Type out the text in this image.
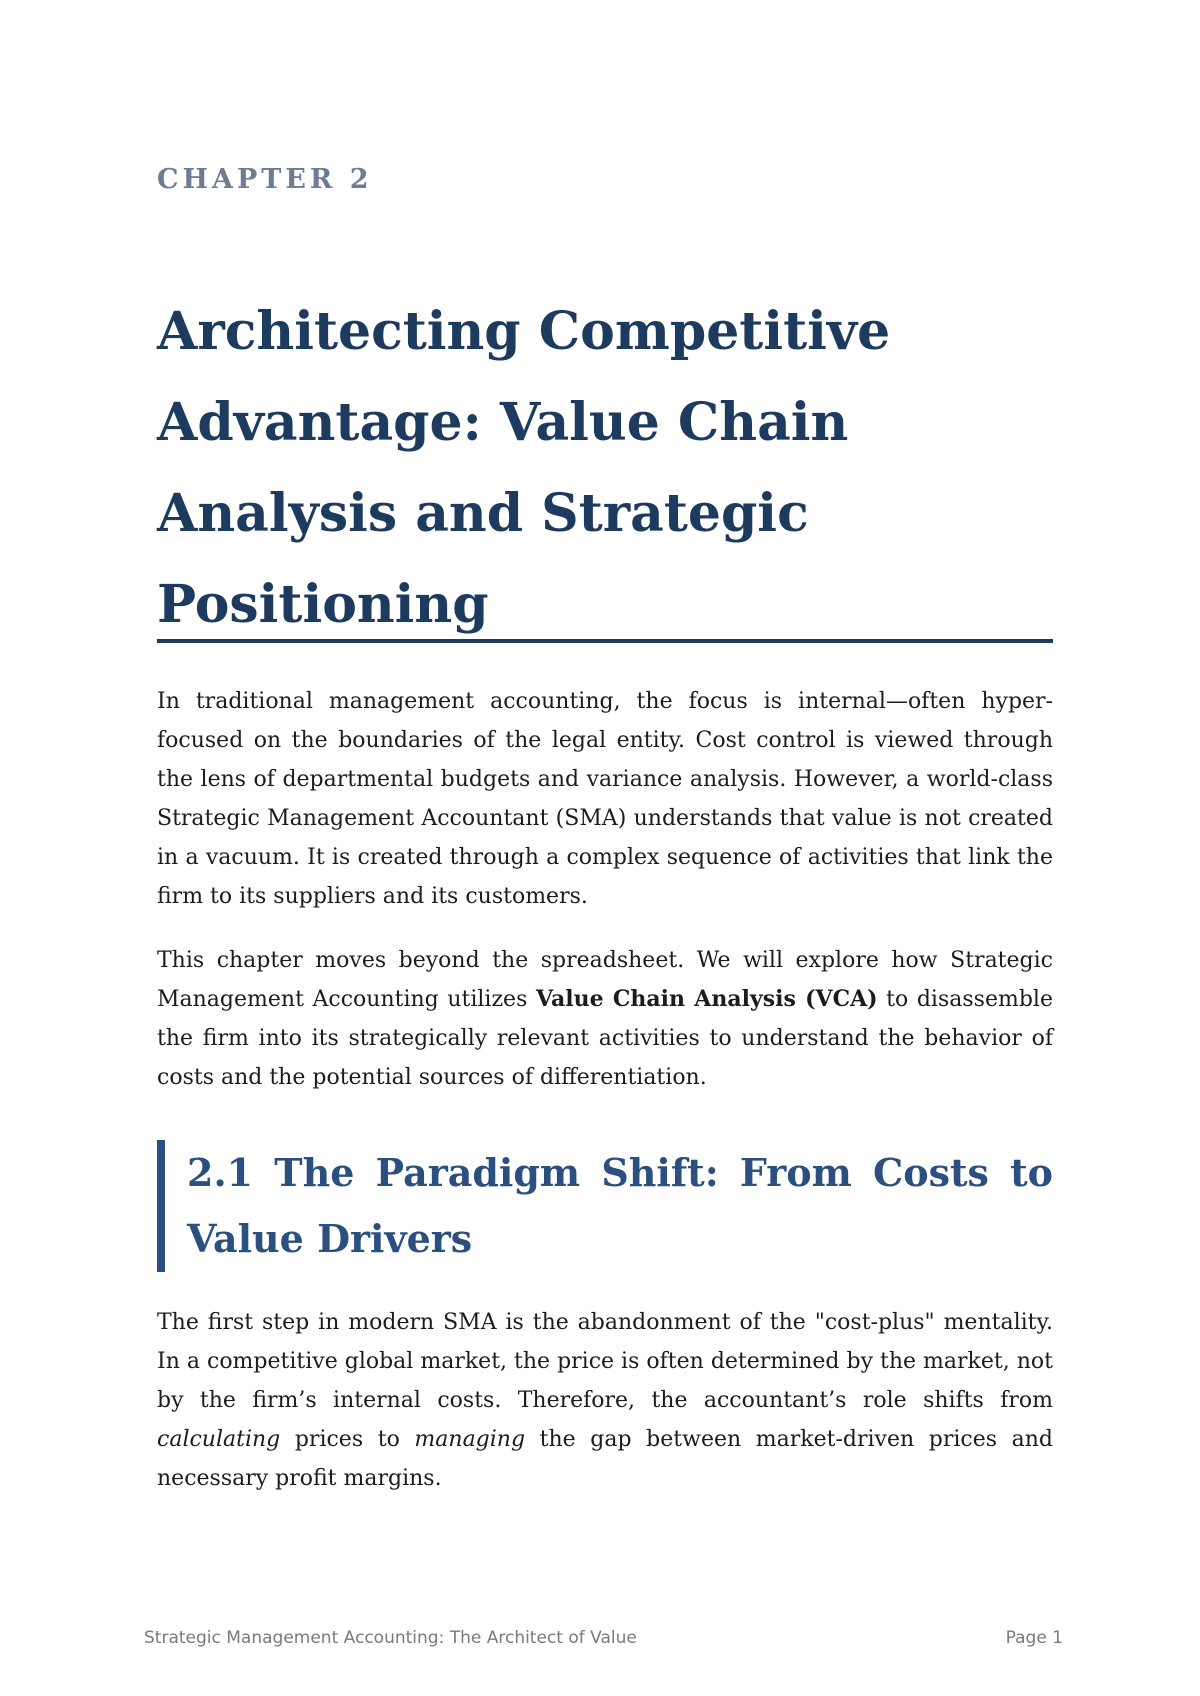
CHAPTER 2
Architecting Competitive Advantage: Value Chain Analysis and Strategic Positioning

In traditional management accounting, the focus is internal—often hyper-focused on the boundaries of the legal entity. Cost control is viewed through the lens of departmental budgets and variance analysis. However, a world-class Strategic Management Accountant (SMA) understands that value is not created in a vacuum. It is created through a complex sequence of activities that link the firm to its suppliers and its customers.

This chapter moves beyond the spreadsheet. We will explore how Strategic Management Accounting utilizes Value Chain Analysis (VCA) to disassemble the firm into its strategically relevant activities to understand the behavior of costs and the potential sources of differentiation.

2.1 The Paradigm Shift: From Costs to Value Drivers

The first step in modern SMA is the abandonment of the "cost-plus" mentality. In a competitive global market, the price is often determined by the market, not by the firm’s internal costs. Therefore, the accountant’s role shifts from calculating prices to managing the gap between market-driven prices and necessary profit margins.

Strategic Management Accounting: The Architect of Value	Page 1
